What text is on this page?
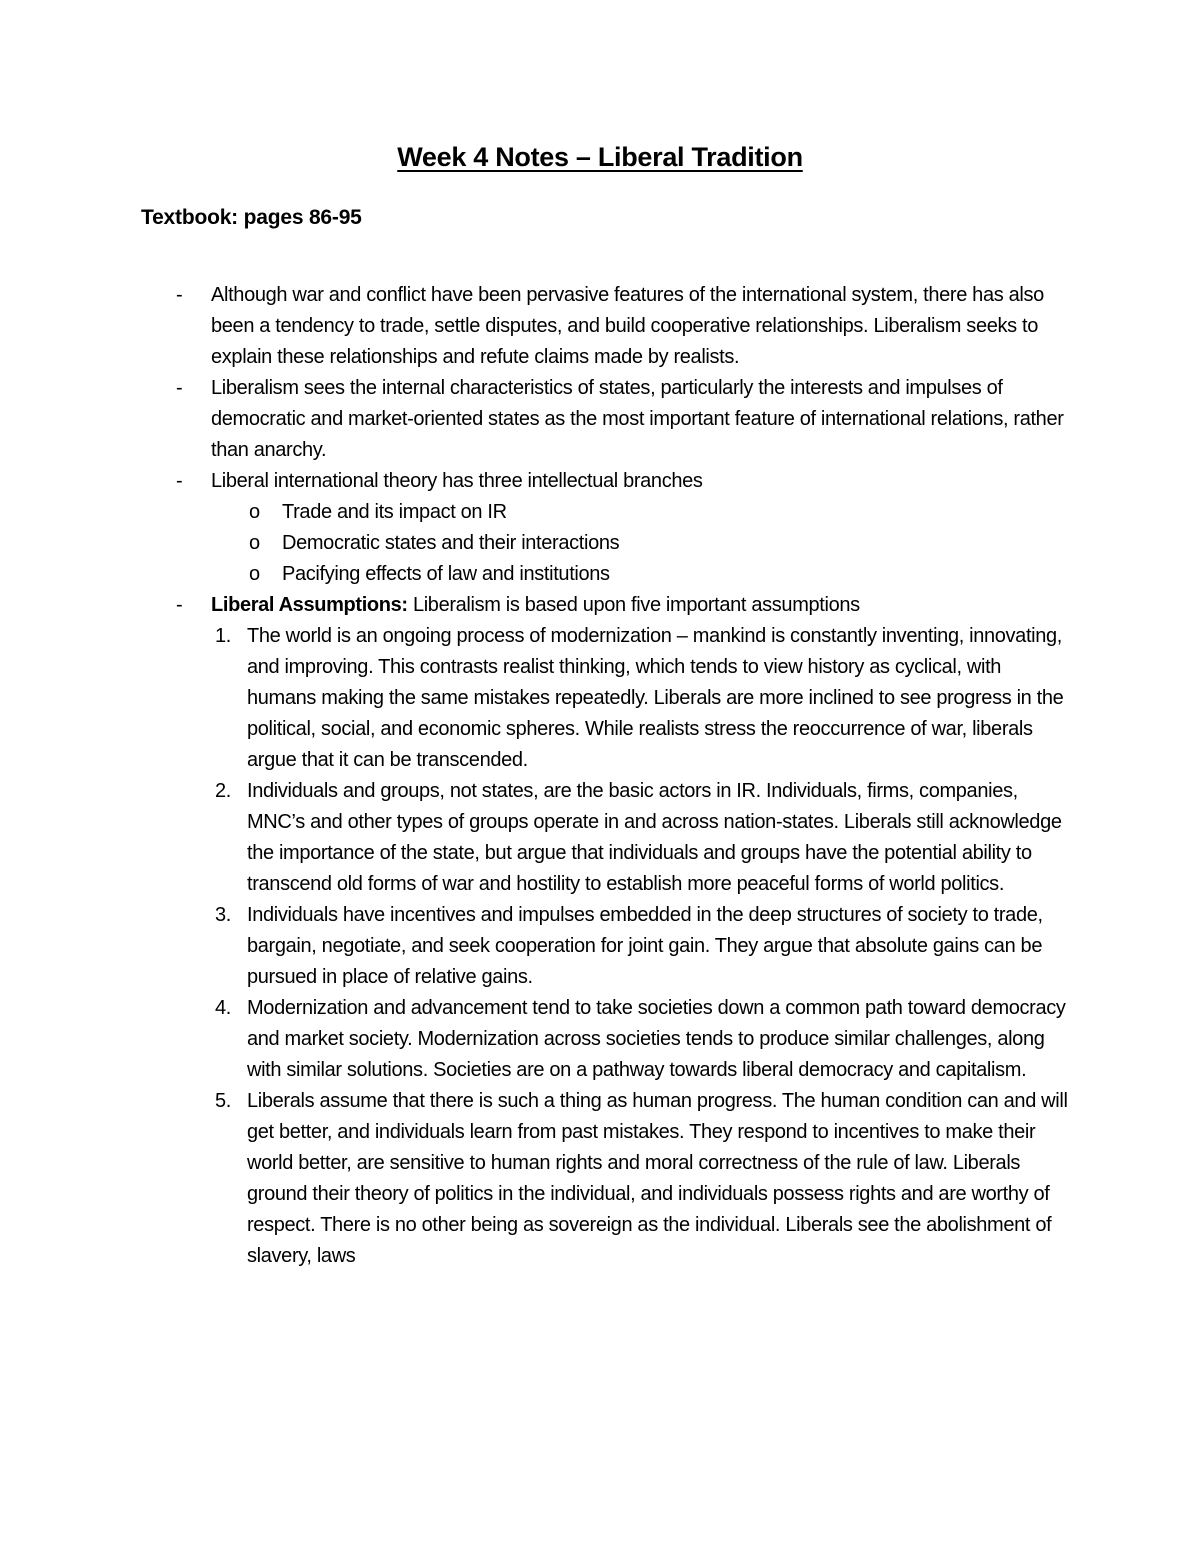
Week 4 Notes – Liberal Tradition
Textbook: pages 86-95

- Although war and conflict have been pervasive features of the international system, there has also been a tendency to trade, settle disputes, and build cooperative relationships. Liberalism seeks to explain these relationships and refute claims made by realists.

- Liberalism sees the internal characteristics of states, particularly the interests and impulses of democratic and market-oriented states as the most important feature of international relations, rather than anarchy.

- Liberal international theory has three intellectual branches

o Trade and its impact on IR

o Democratic states and their interactions

o Pacifying effects of law and institutions

- Liberal Assumptions: Liberalism is based upon five important assumptions

1. The world is an ongoing process of modernization – mankind is constantly inventing, innovating, and improving. This contrasts realist thinking, which tends to view history as cyclical, with humans making the same mistakes repeatedly. Liberals are more inclined to see progress in the political, social, and economic spheres. While realists stress the reoccurrence of war, liberals argue that it can be transcended.

2. Individuals and groups, not states, are the basic actors in IR. Individuals, firms, companies, MNC’s and other types of groups operate in and across nation-states. Liberals still acknowledge the importance of the state, but argue that individuals and groups have the potential ability to transcend old forms of war and hostility to establish more peaceful forms of world politics.

3. Individuals have incentives and impulses embedded in the deep structures of society to trade, bargain, negotiate, and seek cooperation for joint gain. They argue that absolute gains can be pursued in place of relative gains.

4. Modernization and advancement tend to take societies down a common path toward democracy and market society. Modernization across societies tends to produce similar challenges, along with similar solutions. Societies are on a pathway towards liberal democracy and capitalism.

5. Liberals assume that there is such a thing as human progress. The human condition can and will get better, and individuals learn from past mistakes. They respond to incentives to make their world better, are sensitive to human rights and moral correctness of the rule of law. Liberals ground their theory of politics in the individual, and individuals possess rights and are worthy of respect. There is no other being as sovereign as the individual. Liberals see the abolishment of slavery, laws
